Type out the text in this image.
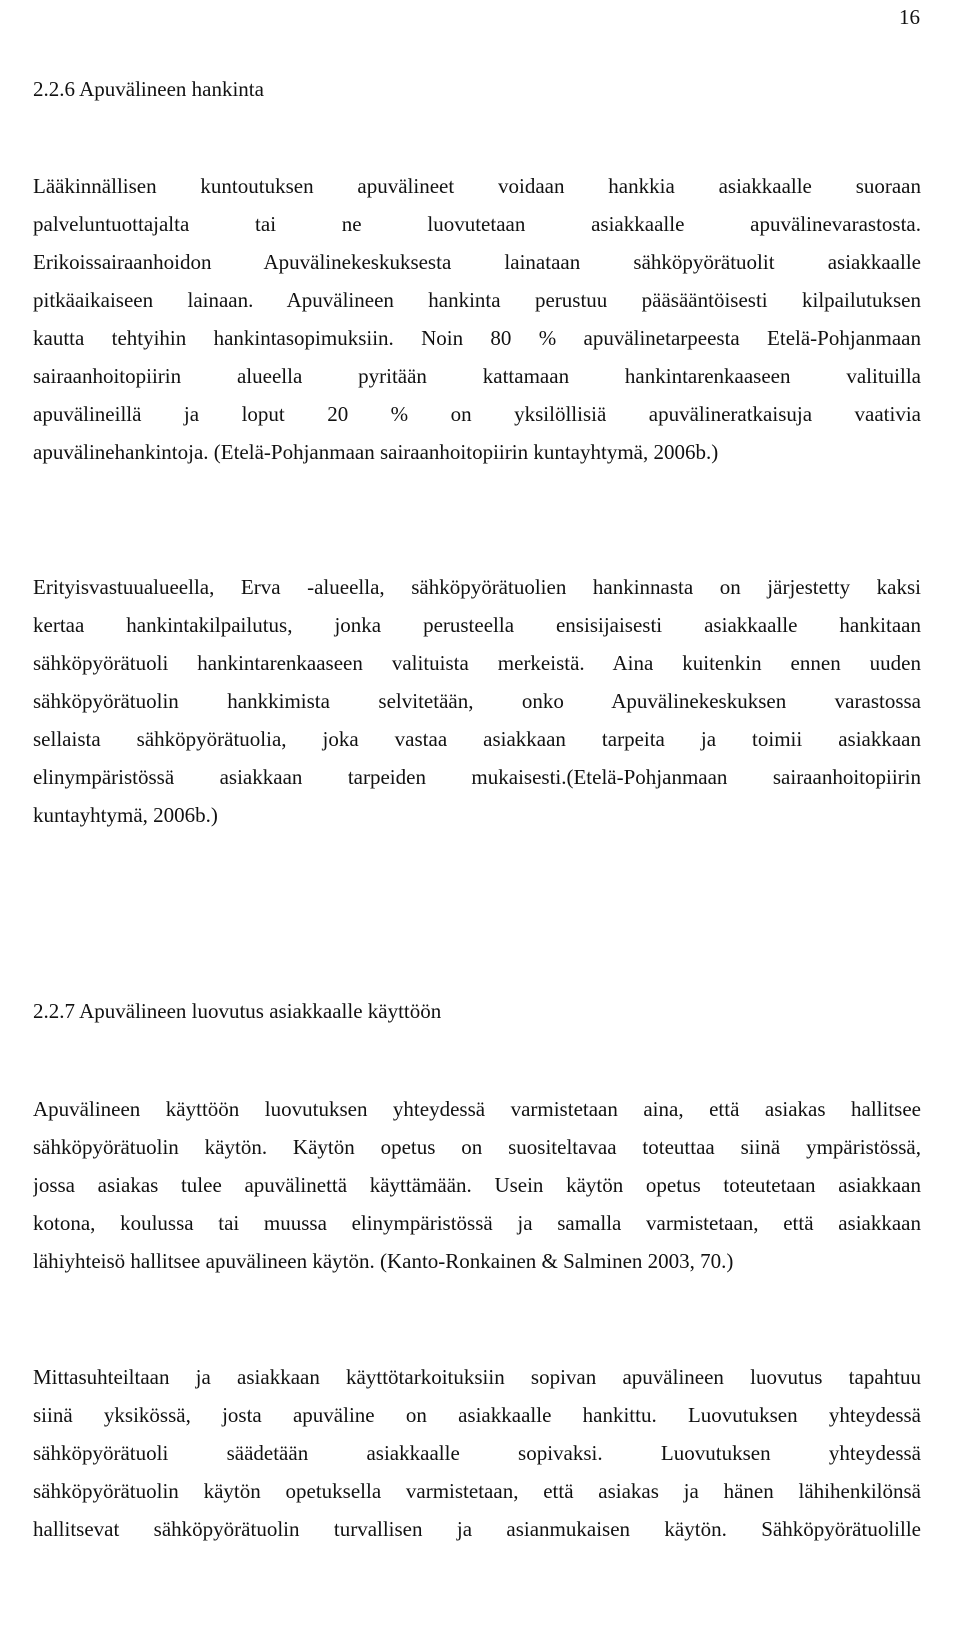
16
2.2.6 Apuvälineen hankinta
Lääkinnällisen kuntoutuksen apuvälineet voidaan hankkia asiakkaalle suoraan
palveluntuottajalta tai ne luovutetaan asiakkaalle apuvälinevarastosta.
Erikoissairaanhoidon Apuvälinekeskuksesta lainataan sähköpyörätuolit asiakkaalle
pitkäaikaiseen lainaan. Apuvälineen hankinta perustuu pääsääntöisesti kilpailutuksen
kautta tehtyihin hankintasopimuksiin. Noin 80 % apuvälinetarpeesta Etelä-Pohjanmaan
sairaanhoitopiirin alueella pyritään kattamaan hankintarenkaaseen valituilla
apuvälineillä ja loput 20 % on yksilöllisiä apuvälineratkaisuja vaativia
apuvälinehankintoja. (Etelä-Pohjanmaan sairaanhoitopiirin kuntayhtymä, 2006b.)
Erityisvastuualueella, Erva -alueella, sähköpyörätuolien hankinnasta on järjestetty kaksi
kertaa hankintakilpailutus, jonka perusteella ensisijaisesti asiakkaalle hankitaan
sähköpyörätuoli hankintarenkaaseen valituista merkeistä. Aina kuitenkin ennen uuden
sähköpyörätuolin hankkimista selvitetään, onko Apuvälinekeskuksen varastossa
sellaista sähköpyörätuolia, joka vastaa asiakkaan tarpeita ja toimii asiakkaan
elinympäristössä asiakkaan tarpeiden mukaisesti.(Etelä-Pohjanmaan sairaanhoitopiirin
kuntayhtymä, 2006b.)
2.2.7 Apuvälineen luovutus asiakkaalle käyttöön
Apuvälineen käyttöön luovutuksen yhteydessä varmistetaan aina, että asiakas hallitsee
sähköpyörätuolin käytön. Käytön opetus on suositeltavaa toteuttaa siinä ympäristössä,
jossa asiakas tulee apuvälinettä käyttämään. Usein käytön opetus toteutetaan asiakkaan
kotona, koulussa tai muussa elinympäristössä ja samalla varmistetaan, että asiakkaan
lähiyhteisö hallitsee apuvälineen käytön. (Kanto-Ronkainen & Salminen 2003, 70.)
Mittasuhteiltaan ja asiakkaan käyttötarkoituksiin sopivan apuvälineen luovutus tapahtuu
siinä yksikössä, josta apuväline on asiakkaalle hankittu. Luovutuksen yhteydessä
sähköpyörätuoli säädetään asiakkaalle sopivaksi. Luovutuksen yhteydessä
sähköpyörätuolin käytön opetuksella varmistetaan, että asiakas ja hänen lähihenkilönsä
hallitsevat sähköpyörätuolin turvallisen ja asianmukaisen käytön. Sähköpyörätuolille
